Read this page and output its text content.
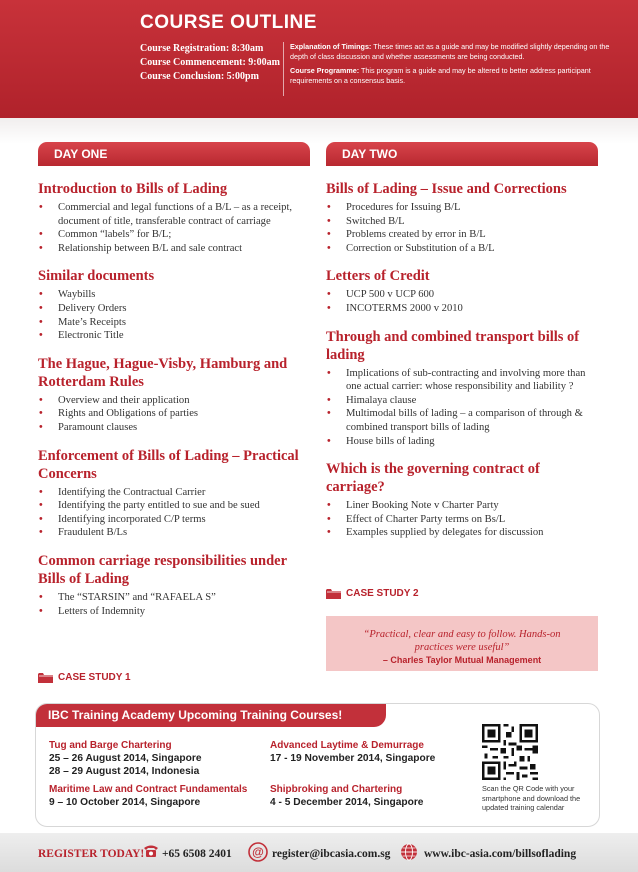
COURSE OUTLINE
Course Registration: 8:30am
Course Commencement: 9:00am
Course Conclusion: 5:00pm
Explanation of Timings: These times act as a guide and may be modified slightly depending on the depth of class discussion and whether assessments are being conducted.
Course Programme: This program is a guide and may be altered to better address participant requirements on a consensus basis.
DAY ONE	DAY TWO
Introduction to Bills of Lading
• Commercial and legal functions of a B/L – as a receipt, document of title, transferable contract of carriage
• Common “labels” for B/L;
• Relationship between B/L and sale contract
Similar documents
• Waybills
• Delivery Orders
• Mate’s Receipts
• Electronic Title
The Hague, Hague-Visby, Hamburg and Rotterdam Rules
• Overview and their application
• Rights and Obligations of parties
• Paramount clauses
Enforcement of Bills of Lading – Practical Concerns
• Identifying the Contractual Carrier
• Identifying the party entitled to sue and be sued
• Identifying incorporated C/P terms
• Fraudulent B/Ls
Common carriage responsibilities under Bills of Lading
• The “STARSIN” and “RAFAELA S”
• Letters of Indemnity
Bills of Lading – Issue and Corrections
• Procedures for Issuing B/L
• Switched B/L
• Problems created by error in B/L
• Correction or Substitution of a B/L
Letters of Credit
• UCP 500 v UCP 600
• INCOTERMS 2000 v 2010
Through and combined transport bills of lading
• Implications of sub-contracting and involving more than one actual carrier: whose responsibility and liability ?
• Himalaya clause
• Multimodal bills of lading – a comparison of through & combined transport bills of lading
• House bills of lading
Which is the governing contract of carriage?
• Liner Booking Note v Charter Party
• Effect of Charter Party terms on Bs/L
• Examples supplied by delegates for discussion
CASE STUDY 2
“Practical, clear and easy to follow. Hands-on practices were useful”
– Charles Taylor Mutual Management
CASE STUDY 1
IBC Training Academy Upcoming Training Courses!
Tug and Barge Chartering
25 – 26 August 2014, Singapore
28 – 29 August 2014, Indonesia
Advanced Laytime & Demurrage
17 - 19 November 2014, Singapore
Maritime Law and Contract Fundamentals
9 – 10 October 2014, Singapore
Shipbroking and Chartering
4 - 5 December 2014, Singapore
Scan the QR Code with your smartphone and download the updated training calendar
REGISTER TODAY! +65 6508 2401 @ register@ibcasia.com.sg	www.ibc-asia.com/billsoflading
